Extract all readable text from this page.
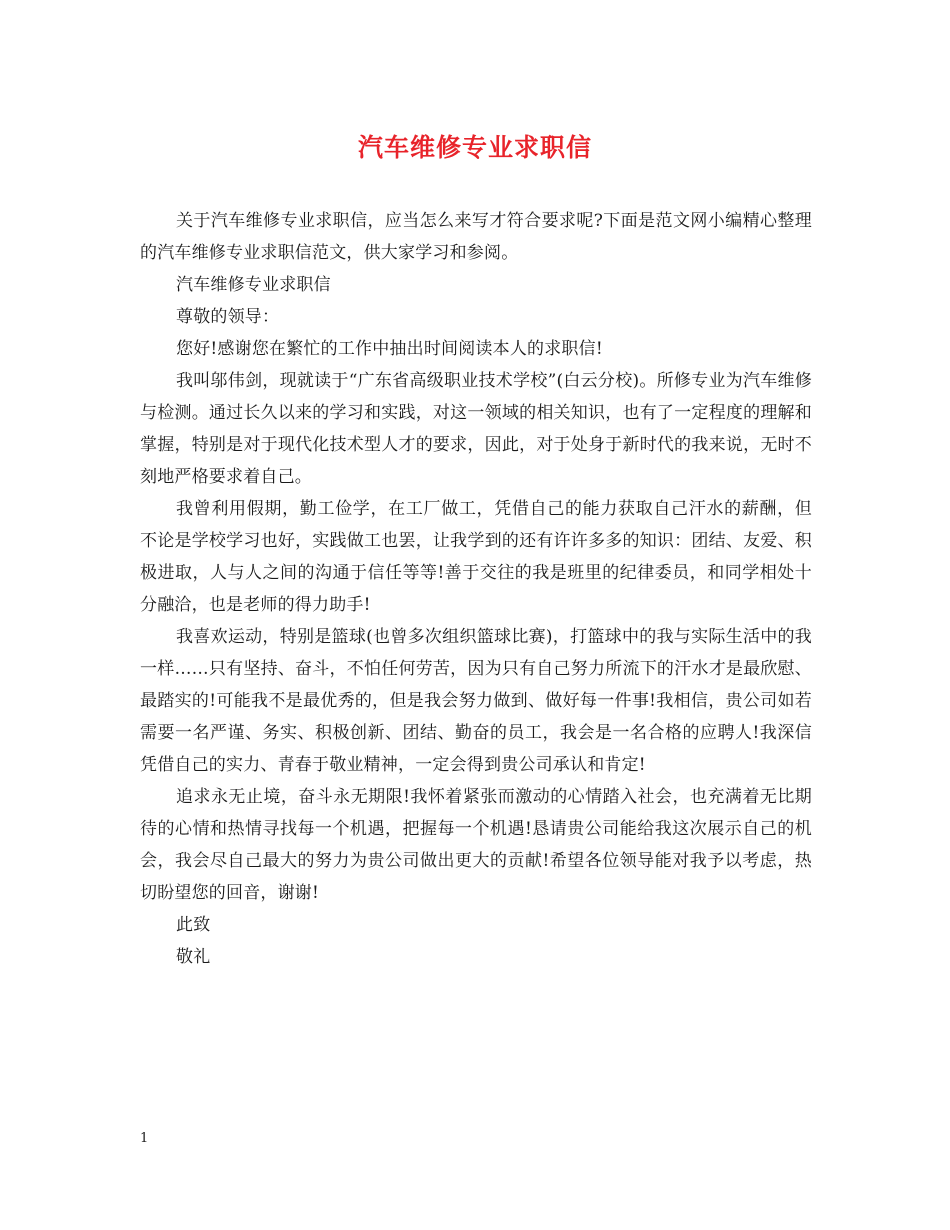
汽车维修专业求职信

关于汽车维修专业求职信，应当怎么来写才符合要求呢?下面是范文网小编精心整理的汽车维修专业求职信范文，供大家学习和参阅。

汽车维修专业求职信

尊敬的领导：

您好!感谢您在繁忙的工作中抽出时间阅读本人的求职信!

我叫邬伟剑，现就读于“广东省高级职业技术学校”(白云分校)。所修专业为汽车维修与检测。通过长久以来的学习和实践，对这一领域的相关知识，也有了一定程度的理解和掌握，特别是对于现代化技术型人才的要求，因此，对于处身于新时代的我来说，无时不刻地严格要求着自己。

我曾利用假期，勤工俭学，在工厂做工，凭借自己的能力获取自己汗水的薪酬，但不论是学校学习也好，实践做工也罢，让我学到的还有许许多多的知识：团结、友爱、积极进取，人与人之间的沟通于信任等等!善于交往的我是班里的纪律委员，和同学相处十分融洽，也是老师的得力助手!

我喜欢运动，特别是篮球(也曾多次组织篮球比赛)，打篮球中的我与实际生活中的我一样……只有坚持、奋斗，不怕任何劳苦，因为只有自己努力所流下的汗水才是最欣慰、最踏实的!可能我不是最优秀的，但是我会努力做到、做好每一件事!我相信，贵公司如若需要一名严谨、务实、积极创新、团结、勤奋的员工，我会是一名合格的应聘人!我深信凭借自己的实力、青春于敬业精神，一定会得到贵公司承认和肯定!

追求永无止境，奋斗永无期限!我怀着紧张而激动的心情踏入社会，也充满着无比期待的心情和热情寻找每一个机遇，把握每一个机遇!恳请贵公司能给我这次展示自己的机会，我会尽自己最大的努力为贵公司做出更大的贡献!希望各位领导能对我予以考虑，热切盼望您的回音，谢谢!

此致

敬礼

1
